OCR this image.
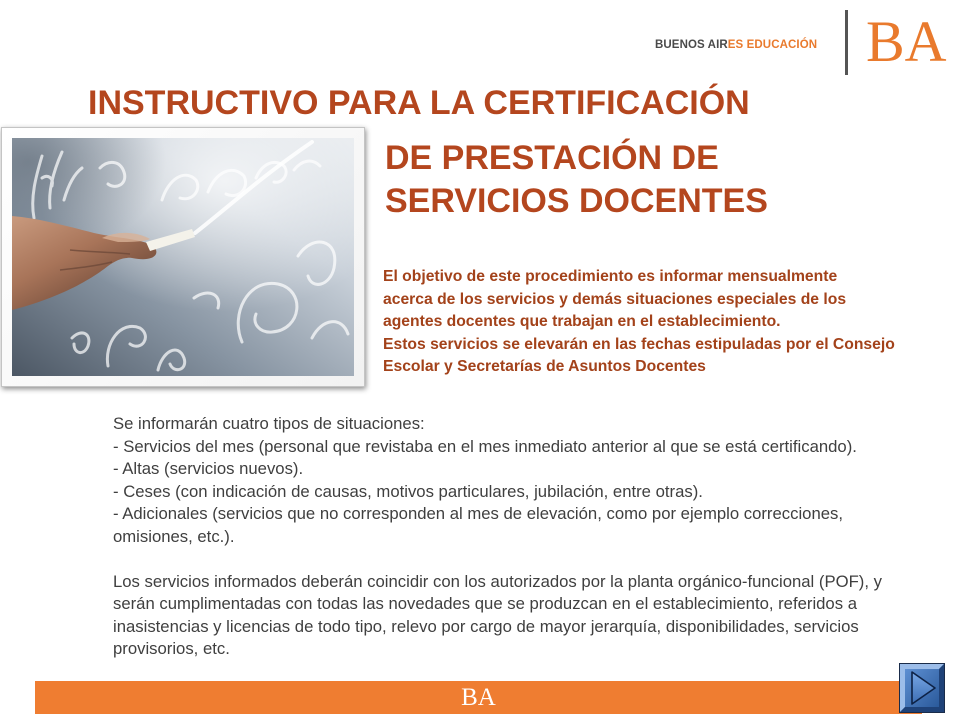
BUENOS AIRES EDUCACIÓN BA
INSTRUCTIVO PARA LA CERTIFICACIÓN
DE PRESTACIÓN DE
SERVICIOS DOCENTES
El objetivo de este procedimiento es informar mensualmente
acerca de los servicios y demás situaciones especiales de los
agentes docentes que trabajan en el establecimiento.
Estos servicios se elevarán en las fechas estipuladas por el Consejo
Escolar y Secretarías de Asuntos Docentes
Se informarán cuatro tipos de situaciones:
- Servicios del mes (personal que revistaba en el mes inmediato anterior al que se está certificando).
- Altas (servicios nuevos).
- Ceses (con indicación de causas, motivos particulares, jubilación, entre otras).
- Adicionales (servicios que no corresponden al mes de elevación, como por ejemplo correcciones,
omisiones, etc.).
Los servicios informados deberán coincidir con los autorizados por la planta orgánico-funcional (POF), y
serán cumplimentadas con todas las novedades que se produzcan en el establecimiento, referidos a
inasistencias y licencias de todo tipo, relevo por cargo de mayor jerarquía, disponibilidades, servicios
provisorios, etc.
BA
